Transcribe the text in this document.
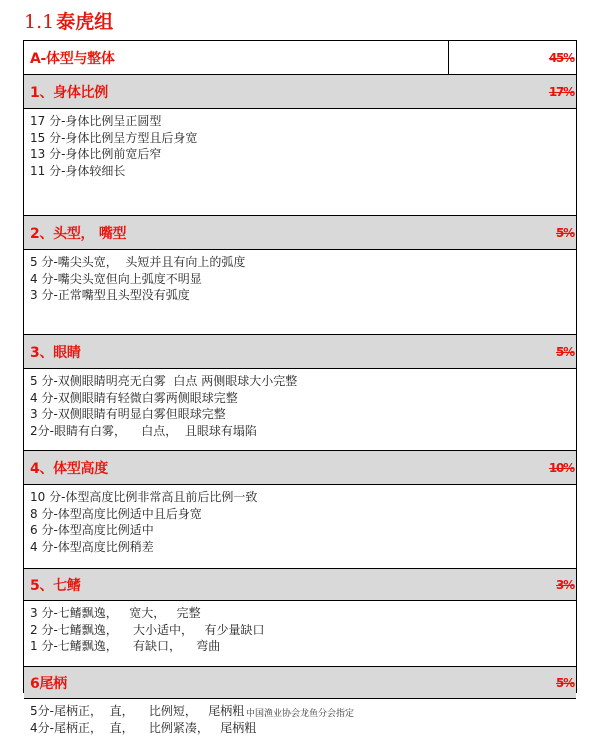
1.1 泰虎组
A-体型与整体	45%
1、身体比例	17%
17 分-身体比例呈正圆型
15 分-身体比例呈方型且后身宽
13 分-身体比例前宽后窄
11 分-身体较细长
2、头型， 嘴型	5%
5 分-嘴尖头宽，  头短并且有向上的弧度
4 分-嘴尖头宽但向上弧度不明显
3 分-正常嘴型且头型没有弧度
3、眼睛	5%
5 分-双侧眼睛明亮无白雾  白点 两侧眼球大小完整
4 分-双侧眼睛有轻微白雾两侧眼球完整
3 分-双侧眼睛有明显白雾但眼球完整
2分-眼睛有白雾，    白点，  且眼球有塌陷
4、体型高度	10%
10 分-体型高度比例非常高且前后比例一致
8 分-体型高度比例适中且后身宽
6 分-体型高度比例适中
4 分-体型高度比例稍差
5、七鳍	3%
3 分-七鳍飘逸，   宽大，   完整
2 分-七鳍飘逸，    大小适中，   有少量缺口
1 分-七鳍飘逸，    有缺口，    弯曲
6尾柄	5%
5分-尾柄正，  直，    比例短，   尾柄粗
4分-尾柄正，  直，    比例紧凑，   尾柄粗
中国渔业协会龙鱼分会指定
